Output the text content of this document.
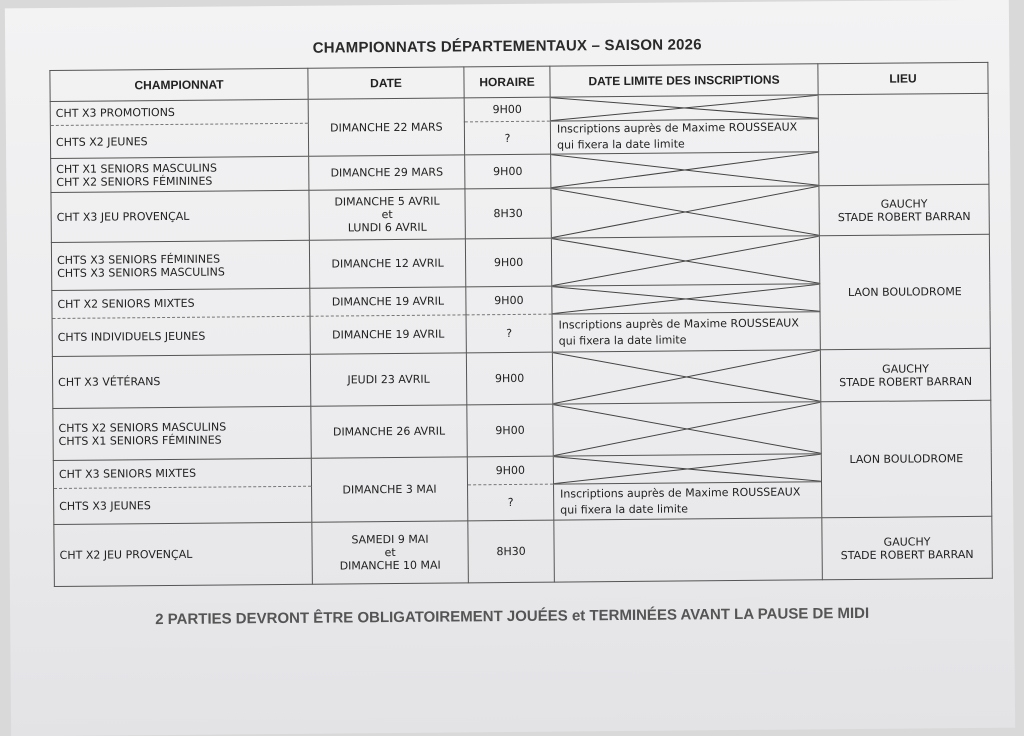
CHAMPIONNATS DÉPARTEMENTAUX – SAISON 2026
CHAMPIONNAT	DATE	HORAIRE	DATE LIMITE DES INSCRIPTIONS	LIEU

CHT X3 PROMOTIONS	DIMANCHE 22 MARS	9H00	

CHTS X2 JEUNES		?	Inscriptions auprès de Maxime ROUSSEAUX
qui fixera la date limite	

CHT X1 SENIORS MASCULINS
CHT X2 SENIORS FÉMININES	DIMANCHE 29 MARS	9H00	

CHT X3 JEU PROVENÇAL	DIMANCHE 5 AVRIL
et
LUNDI 6 AVRIL	8H30		GAUCHY
STADE ROBERT BARRAN

CHTS X3 SENIORS FÉMININES
CHTS X3 SENIORS MASCULINS	DIMANCHE 12 AVRIL	9H00		LAON BOULODROME

CHT X2 SENIORS MIXTES	DIMANCHE 19 AVRIL	9H00	

CHTS INDIVIDUELS JEUNES	DIMANCHE 19 AVRIL	?	Inscriptions auprès de Maxime ROUSSEAUX
qui fixera la date limite	

CHT X3 VÉTÉRANS	JEUDI 23 AVRIL	9H00		GAUCHY
STADE ROBERT BARRAN

CHTS X2 SENIORS MASCULINS
CHTS X1 SENIORS FÉMININES	DIMANCHE 26 AVRIL	9H00		LAON BOULODROME

CHT X3 SENIORS MIXTES	DIMANCHE 3 MAI	9H00	

CHTS X3 JEUNES		?	Inscriptions auprès de Maxime ROUSSEAUX
qui fixera la date limite	

CHT X2 JEU PROVENÇAL	SAMEDI 9 MAI
et
DIMANCHE 10 MAI	8H30		GAUCHY
STADE ROBERT BARRAN
2 PARTIES DEVRONT ÊTRE OBLIGATOIREMENT JOUÉES et TERMINÉES AVANT LA PAUSE DE MIDI
